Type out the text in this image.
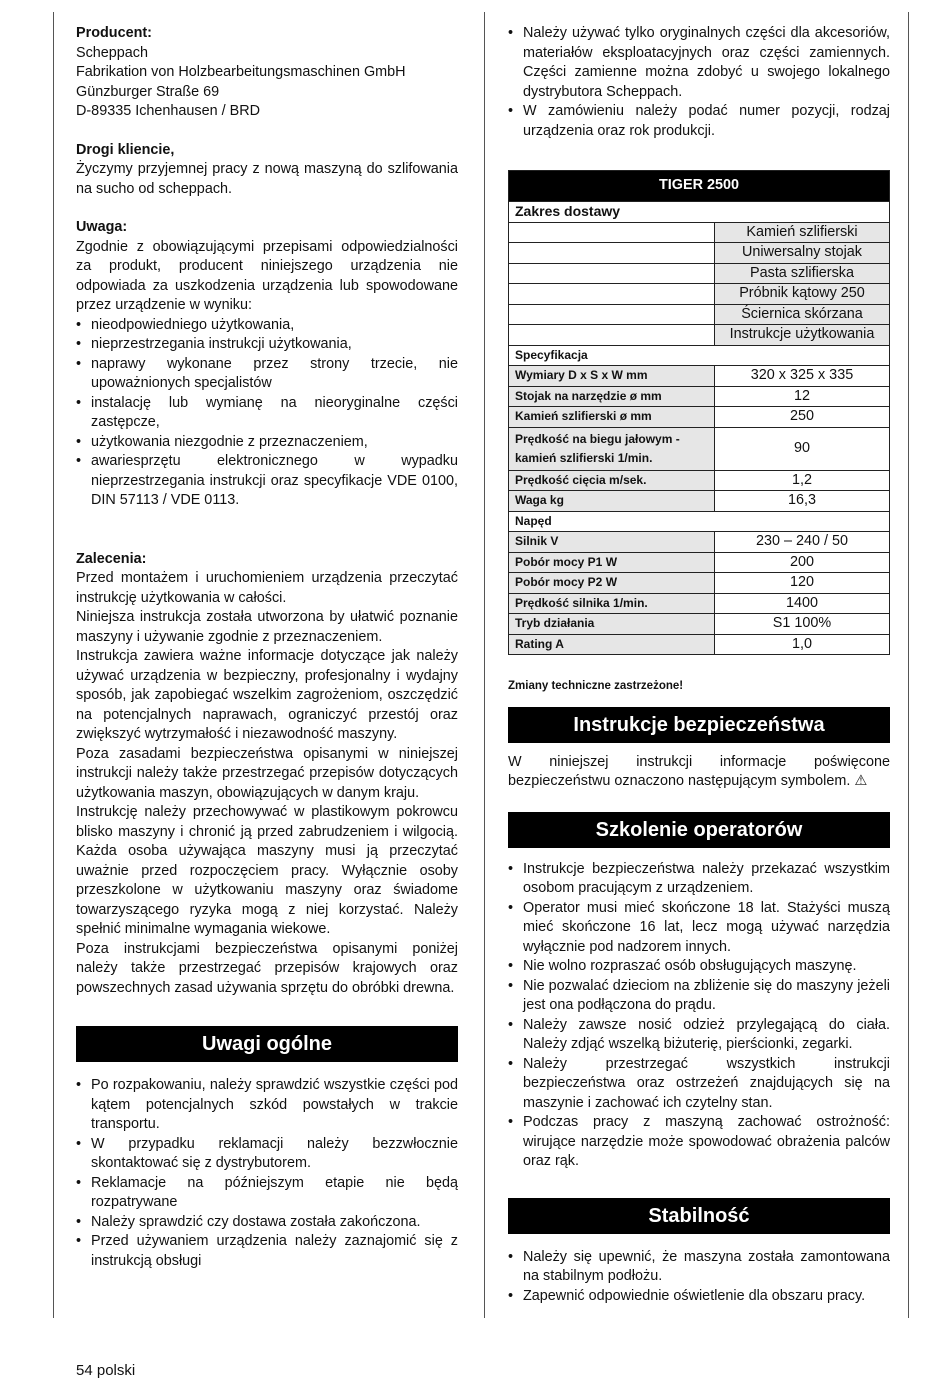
Producent:

Scheppach

Fabrikation von Holzbearbeitungsmaschinen GmbH

Günzburger Straße 69

D-89335 Ichenhausen / BRD

Drogi kliencie,

Życzymy przyjemnej pracy z nową maszyną do szlifowania na sucho od scheppach.

Uwaga:

Zgodnie z obowiązującymi przepisami odpowiedzialności za produkt, producent niniejszego urządzenia nie odpowiada za uszkodzenia urządzenia lub spowodowane przez urządzenie w wyniku:

• nieodpowiedniego użytkowania,
• nieprzestrzegania instrukcji użytkowania,
• naprawy wykonane przez strony trzecie, nie upoważnionych specjalistów
• instalację lub wymianę na nieoryginalne części zastępcze,
• użytkowania niezgodnie z przeznaczeniem,
• awariesprzętu elektronicznego w wypadku nieprzestrzegania instrukcji oraz specyfikacje VDE 0100, DIN 57113 / VDE 0113.

Zalecenia:

Przed montażem i uruchomieniem urządzenia przeczytać instrukcję użytkowania w całości.

Niniejsza instrukcja została utworzona by ułatwić poznanie maszyny i używanie zgodnie z przeznaczeniem.

Instrukcja zawiera ważne informacje dotyczące jak należy używać urządzenia w bezpieczny, profesjonalny i wydajny sposób, jak zapobiegać wszelkim zagrożeniom, oszczędzić na potencjalnych naprawach, ograniczyć przestój oraz zwiększyć wytrzymałość i niezawodność maszyny.

Poza zasadami bezpieczeństwa opisanymi w niniejszej instrukcji należy także przestrzegać przepisów dotyczących użytkowania maszyn, obowiązujących w danym kraju.

Instrukcję należy przechowywać w plastikowym pokrowcu blisko maszyny i chronić ją przed zabrudzeniem i wilgocią. Każda osoba używająca maszyny musi ją przeczytać uważnie przed rozpoczęciem pracy. Wyłącznie osoby przeszkolone w użytkowaniu maszyny oraz świadome towarzyszącego ryzyka mogą z niej korzystać. Należy spełnić minimalne wymagania wiekowe.

Poza instrukcjami bezpieczeństwa opisanymi poniżej należy także przestrzegać przepisów krajowych oraz powszechnych zasad używania sprzętu do obróbki drewna.

Uwagi ogólne
• Po rozpakowaniu, należy sprawdzić wszystkie części pod kątem potencjalnych szkód powstałych w trakcie transportu.
• W przypadku reklamacji należy bezzwłocznie skontaktować się z dystrybutorem.
• Reklamacje na późniejszym etapie nie będą rozpatrywane
• Należy sprawdzić czy dostawa została zakończona.
• Przed używaniem urządzenia należy zaznajomić się z instrukcją obsługi
• Należy używać tylko oryginalnych części dla akcesoriów, materiałów eksploatacyjnych oraz części zamiennych. Części zamienne można zdobyć u swojego lokalnego dystrybutora Scheppach.
• W zamówieniu należy podać numer pozycji, rodzaj urządzenia oraz rok produkcji.
TIGER 2500	
Zakres dostawy	
	Kamień szlifierski
	Uniwersalny stojak
	Pasta szlifierska
	Próbnik kątowy 250
	Ściernica skórzana
	Instrukcje użytkowania
Specyfikacja	
Wymiary D x S x W mm	320 x 325 x 335
Stojak na narzędzie ø mm	12
Kamień szlifierski ø mm	250
Prędkość na biegu jałowym - kamień szlifierski 1/min.	90
Prędkość cięcia m/sek.	1,2
Waga kg	16,3
Napęd	
Silnik V	230 – 240 / 50
Pobór mocy P1 W	200
Pobór mocy P2 W	120
Prędkość silnika 1/min.	1400
Tryb działania	S1 100%
Rating A	1,0

Zmiany techniczne zastrzeżone!

Instrukcje bezpieczeństwa

W niniejszej instrukcji informacje poświęcone bezpieczeństwu oznaczono następującym symbolem. ⚠

Szkolenie operatorów
• Instrukcje bezpieczeństwa należy przekazać wszystkim osobom pracującym z urządzeniem.
• Operator musi mieć skończone 18 lat. Stażyści muszą mieć skończone 16 lat, lecz mogą używać narzędzia wyłącznie pod nadzorem innych.
• Nie wolno rozpraszać osób obsługujących maszynę.
• Nie pozwalać dzieciom na zbliżenie się do maszyny jeżeli jest ona podłączona do prądu.
• Należy zawsze nosić odzież przylegającą do ciała. Należy zdjąć wszelką biżuterię, pierścionki, zegarki.
• Należy przestrzegać wszystkich instrukcji bezpieczeństwa oraz ostrzeżeń znajdujących się na maszynie i zachować ich czytelny stan.
• Podczas pracy z maszyną zachować ostrożność: wirujące narzędzie może spowodować obrażenia palców oraz rąk.
Stabilność
• Należy się upewnić, że maszyna została zamontowana na stabilnym podłożu.
• Zapewnić odpowiednie oświetlenie dla obszaru pracy.
54 polski
